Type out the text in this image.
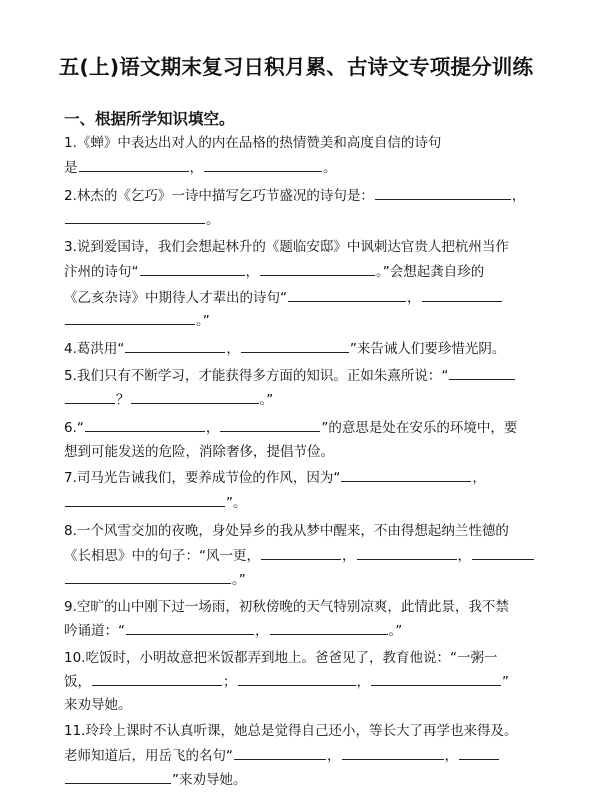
五(上)语文期末复习日积月累、古诗文专项提分训练
一、根据所学知识填空。
1.《蝉》中表达出对人的内在品格的热情赞美和高度自信的诗句
是	，	。
2.林杰的《乞巧》一诗中描写乞巧节盛况的诗句是：	，
。
3.说到爱国诗，我们会想起林升的《题临安邸》中讽刺达官贵人把杭州当作
汴州的诗句“	，	。”会想起龚自珍的
《乙亥杂诗》中期待人才辈出的诗句“	，
。”
4.葛洪用“	，	”来告诫人们要珍惜光阴。
5.我们只有不断学习，才能获得多方面的知识。正如朱熹所说：“
？	。”
6.“	，	”的意思是处在安乐的环境中，要
想到可能发送的危险，消除奢侈，提倡节俭。
7.司马光告诫我们，要养成节俭的作风，因为“	，
”。
8.一个风雪交加的夜晚，身处异乡的我从梦中醒来，不由得想起纳兰性德的
《长相思》中的句子：“风一更，	，	，
。”
9.空旷的山中刚下过一场雨，初秋傍晚的天气特别凉爽，此情此景，我不禁
吟诵道：“	，	。”
10.吃饭时，小明故意把米饭都弄到地上。爸爸见了，教育他说：“一粥一
饭，	；	，	”
来劝导她。
11.玲玲上课时不认真听课，她总是觉得自己还小，等长大了再学也来得及。
老师知道后，用岳飞的名句“	，	，
”来劝导她。
